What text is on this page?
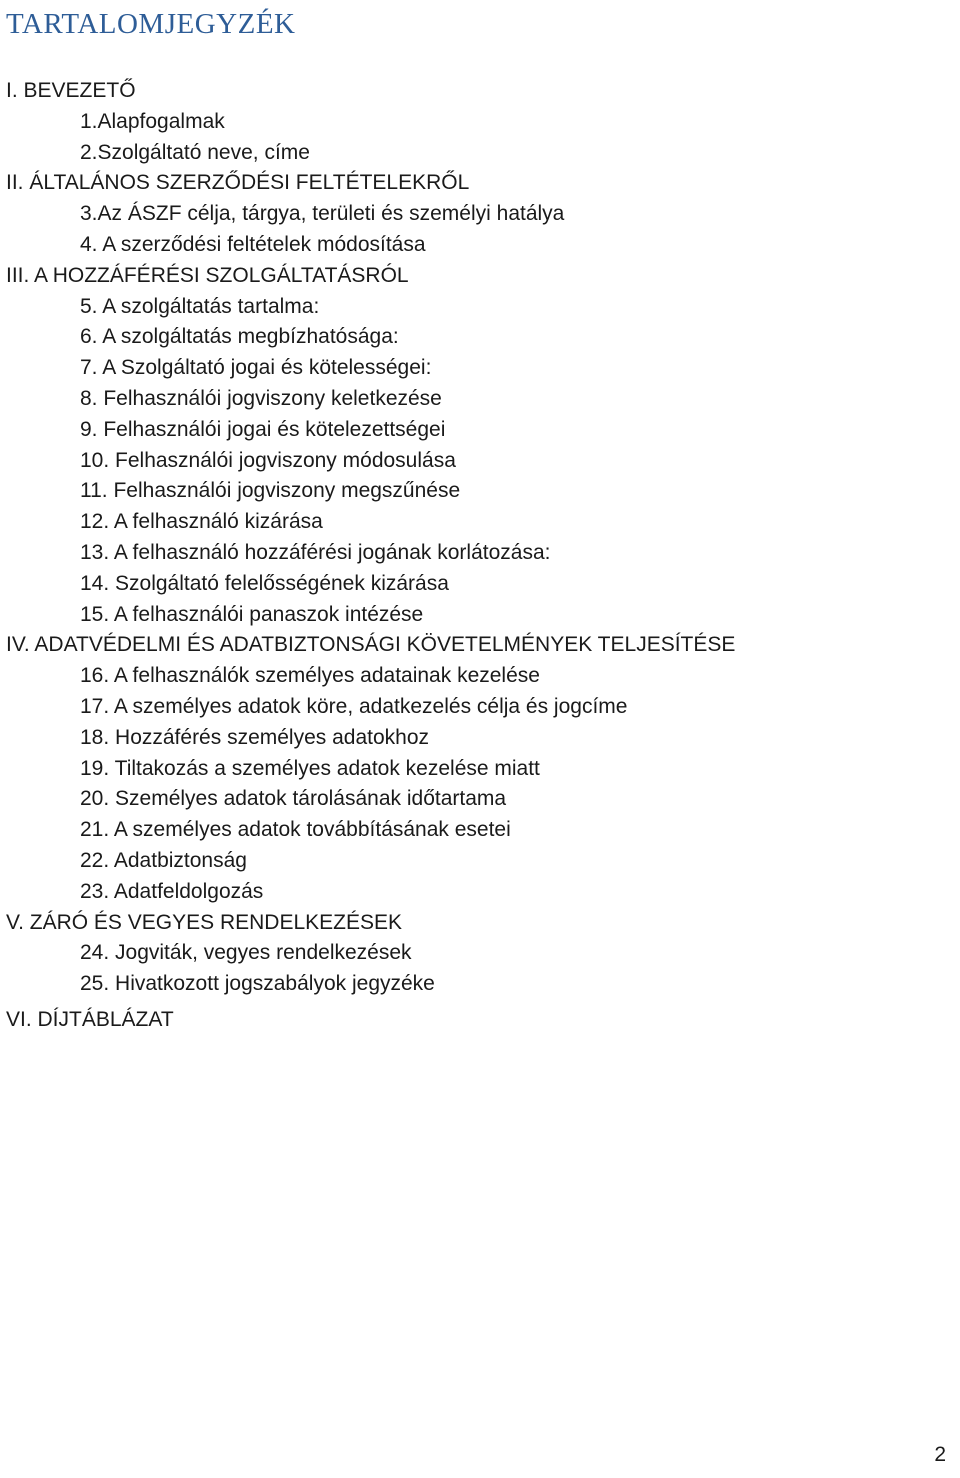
TARTALOMJEGYZÉK
I. BEVEZETŐ
1.Alapfogalmak
2.Szolgáltató neve, címe
II. ÁLTALÁNOS SZERZŐDÉSI FELTÉTELEKRŐL
3.Az ÁSZF célja, tárgya, területi és személyi hatálya
4. A szerződési feltételek módosítása
III. A HOZZÁFÉRÉSI SZOLGÁLTATÁSRÓL
5. A szolgáltatás tartalma:
6. A szolgáltatás megbízhatósága:
7. A Szolgáltató jogai és kötelességei:
8. Felhasználói jogviszony keletkezése
9. Felhasználói jogai és kötelezettségei
10. Felhasználói jogviszony módosulása
11. Felhasználói jogviszony megszűnése
12. A felhasználó kizárása
13. A felhasználó hozzáférési jogának korlátozása:
14. Szolgáltató felelősségének kizárása
15. A felhasználói panaszok intézése
IV. ADATVÉDELMI ÉS ADATBIZTONSÁGI KÖVETELMÉNYEK TELJESÍTÉSE
16. A felhasználók személyes adatainak kezelése
17. A személyes adatok köre, adatkezelés célja és jogcíme
18. Hozzáférés személyes adatokhoz
19. Tiltakozás a személyes adatok kezelése miatt
20. Személyes adatok tárolásának időtartama
21. A személyes adatok továbbításának esetei
22. Adatbiztonság
23. Adatfeldolgozás
V. ZÁRÓ ÉS VEGYES RENDELKEZÉSEK
24. Jogviták, vegyes rendelkezések
25. Hivatkozott jogszabályok jegyzéke
VI. DÍJTÁBLÁZAT
2
